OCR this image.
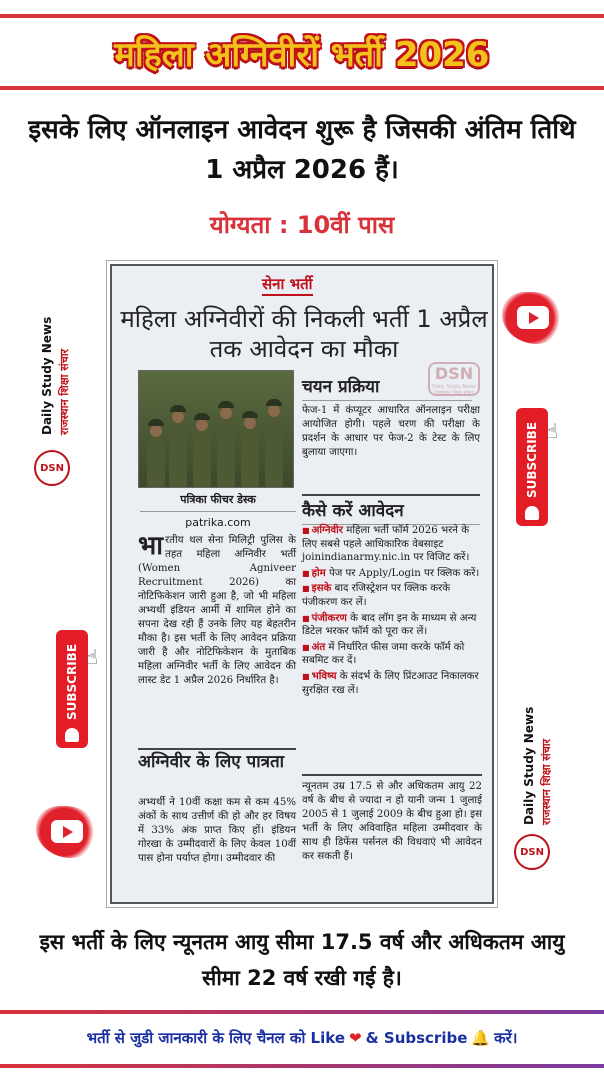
महिला अग्निवीरों भर्ती 2026
इसके लिए ऑनलाइन आवेदन शुरू है जिसकी अंतिम तिथि 1 अप्रैल 2026 हैं।
योग्यता : 10वीं पास
Daily Study News राजस्थान शिक्षा संचार
DSN
SUBSCRIBE ☝
SUBSCRIBE ☝
Daily Study News राजस्थान शिक्षा संचार
DSN
सेना भर्ती
महिला अग्निवीरों की निकली भर्ती 1 अप्रैल तक आवेदन का मौका
पत्रिका फीचर डेस्क
patrika.com
भारतीय थल सेना मिलिट्री पुलिस के तहत महिला अग्निवीर भर्ती (Women Agniveer Recruitment 2026) का नोटिफिकेशन जारी हुआ है, जो भी महिला अभ्यर्थी इंडियन आर्मी में शामिल होने का सपना देख रही हैं उनके लिए यह बेहतरीन मौका है। इस भर्ती के लिए आवेदन प्रक्रिया जारी है और नोटिफिकेशन के मुताबिक महिला अग्निवीर भर्ती के लिए आवेदन की लास्ट डेट 1 अप्रैल 2026 निर्धारित है।
अग्निवीर के लिए पात्रता
अभ्यर्थी ने 10वीं कक्षा कम से कम 45% अंकों के साथ उत्तीर्ण की हो और हर विषय में 33% अंक प्राप्त किए हों। इंडियन गोरखा के उम्मीदवारों के लिए केवल 10वीं पास होना पर्याप्त होगा। उम्मीदवार की
चयन प्रक्रिया
फेज-1 में कंप्यूटर आधारित ऑनलाइन परीक्षा आयोजित होगी। पहले चरण की परीक्षा के प्रदर्शन के आधार पर फेज-2 के टेस्ट के लिए बुलाया जाएगा।
कैसे करें आवेदन
■ अग्निवीर महिला भर्ती फॉर्म 2026 भरने के लिए सबसे पहले आधिकारिक वेबसाइट joinindianarmy.nic.in पर विजिट करें।
■ होम पेज पर Apply/Login पर क्लिक करें।
■ इसके बाद रजिस्ट्रेशन पर क्लिक करके पंजीकरण कर लें।
■ पंजीकरण के बाद लॉग इन के माध्यम से अन्य डिटेल भरकर फॉर्म को पूरा कर लें।
■ अंत में निर्धारित फीस जमा करके फॉर्म को सबमिट कर दें।
■ भविष्य के संदर्भ के लिए प्रिंटआउट निकालकर सुरक्षित रख लें।
न्यूनतम उम्र 17.5 से और अधिकतम आयु 22 वर्ष के बीच से ज्यादा न हो यानी जन्म 1 जुलाई 2005 से 1 जुलाई 2009 के बीच हुआ हो। इस भर्ती के लिए अविवाहित महिला उम्मीदवार के साथ ही डिफेंस पर्सनल की विधवाएं भी आवेदन कर सकती हैं।
DSN
Daily Study News राजस्थान शिक्षा संचार
इस भर्ती के लिए न्यूनतम आयु सीमा 17.5 वर्ष और अधिकतम आयु सीमा 22 वर्ष रखी गई है।
भर्ती से जुडी जानकारी के लिए चैनल को Like ❤ & Subscribe 🔔 करें।
